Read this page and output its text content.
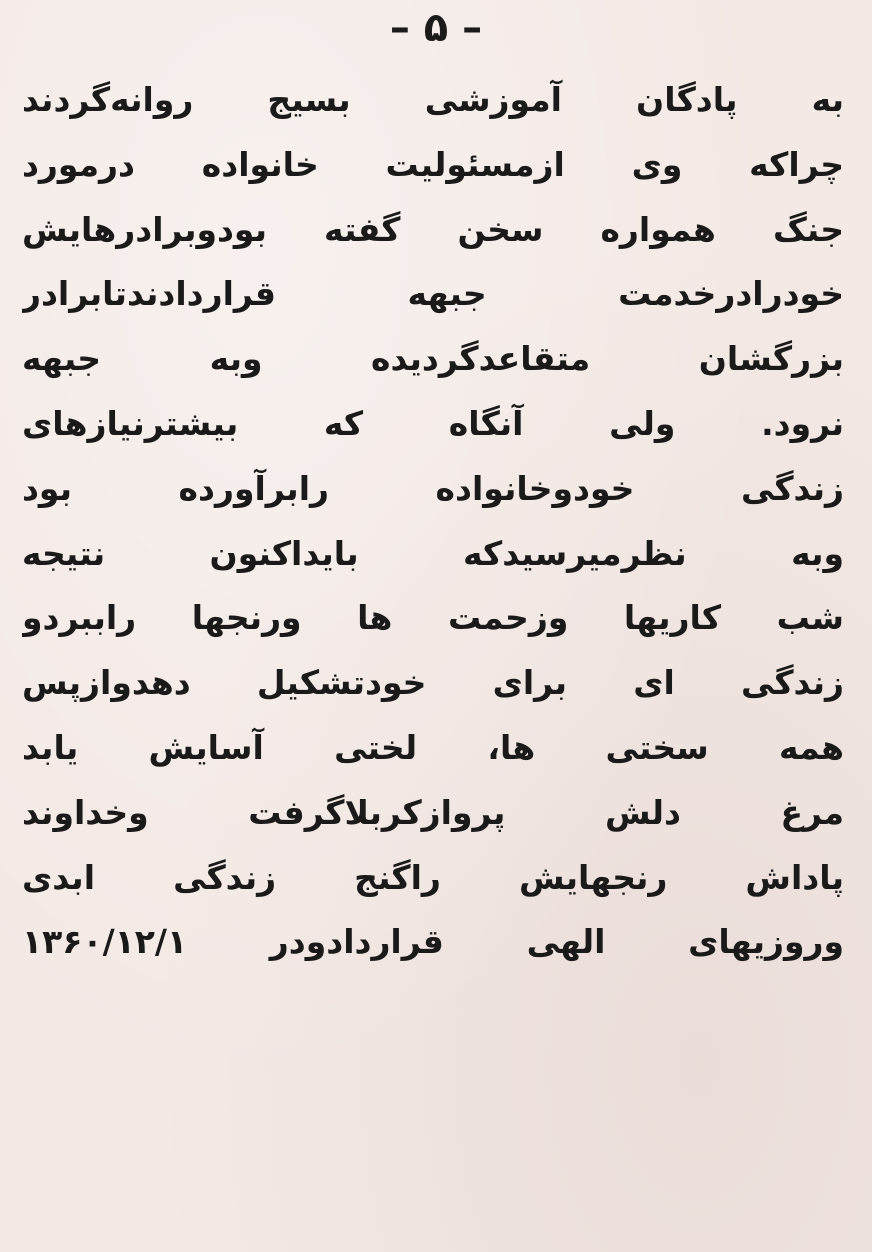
– ۵ –
به پادگان آموزشی بسیج روانه‌گردند
چراکه وی ازمسئولیت خانواده درمورد
جنگ همواره سخن گفته بودوبرادرهایش
خودرادرخدمت جبهه قراردادندتابرادر
بزرگشان متقاعدگردیده وبه جبهه
نرود. ولی آنگاه که بیشترنیازهای
زندگی خودوخانواده رابرآورده بود
وبه نظرمیرسیدکه بایداکنون نتیجه
شب کاریها وزحمت ها ورنجها راببردو
زندگی ای برای خودتشکیل دهدوازپس
همه سختی ها، لختی آسایش یابد
مرغ دلش پروازکربلاگرفت وخداوند
پاداش رنجهایش راگنج زندگی ابدی
وروزیهای الهی قراردادودر ۱۳۶۰/۱۲/۱
